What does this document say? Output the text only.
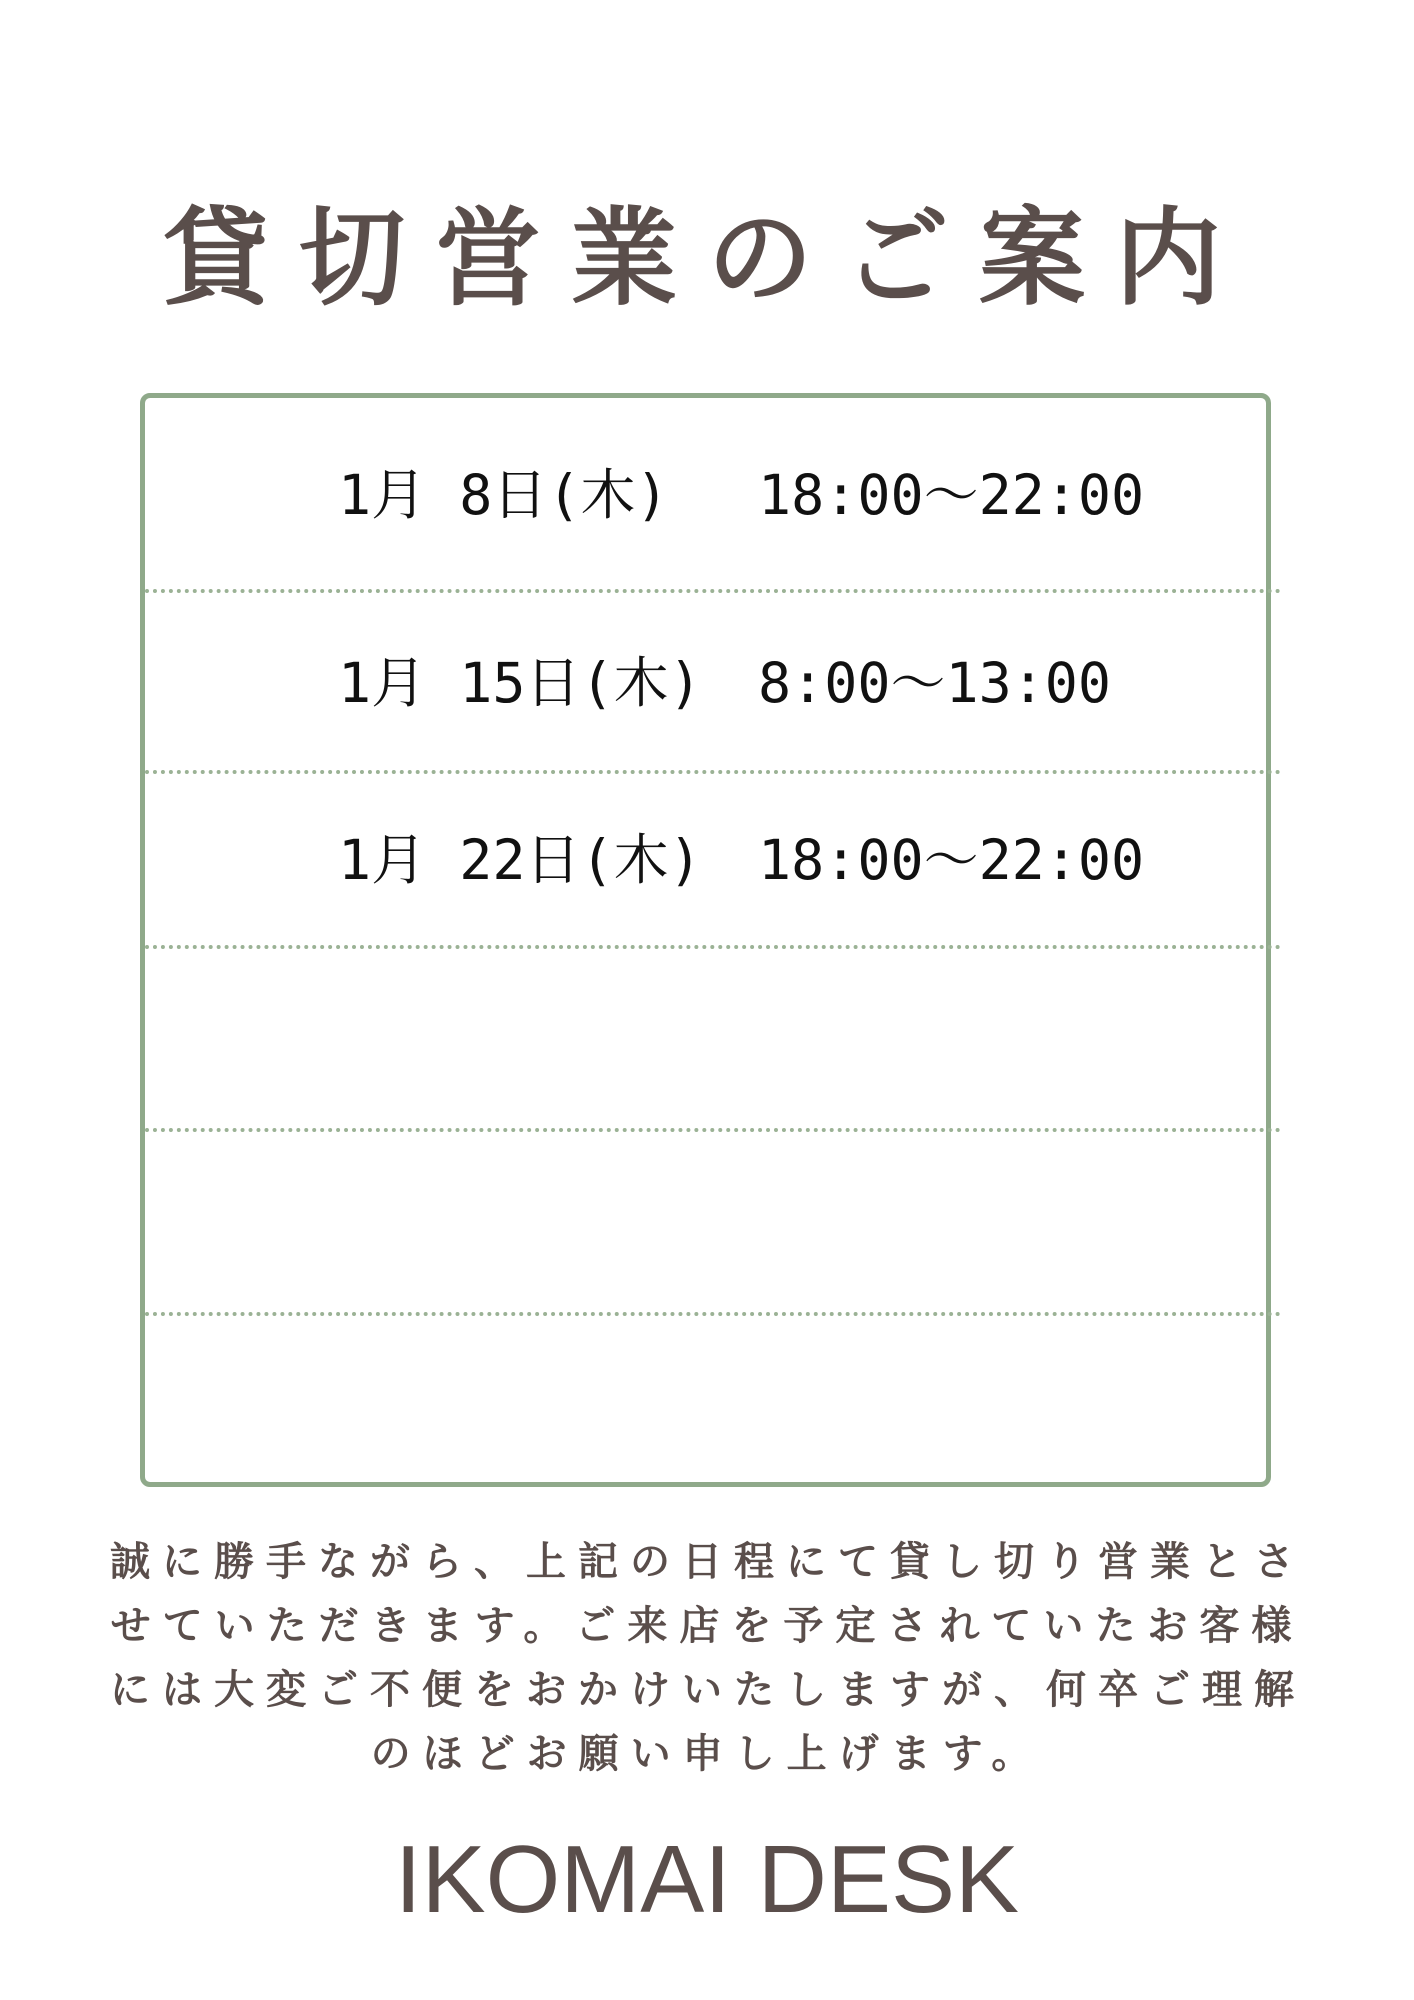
貸切営業のご案内
1月 8日(木)	18:00〜22:00
1月 15日(木)	8:00〜13:00
1月 22日(木)	18:00〜22:00
誠に勝手ながら、上記の日程にて貸し切り営業とさ
せていただきます。ご来店を予定されていたお客様
には大変ご不便をおかけいたしますが、何卒ご理解
のほどお願い申し上げます。
IKOMAI DESK
